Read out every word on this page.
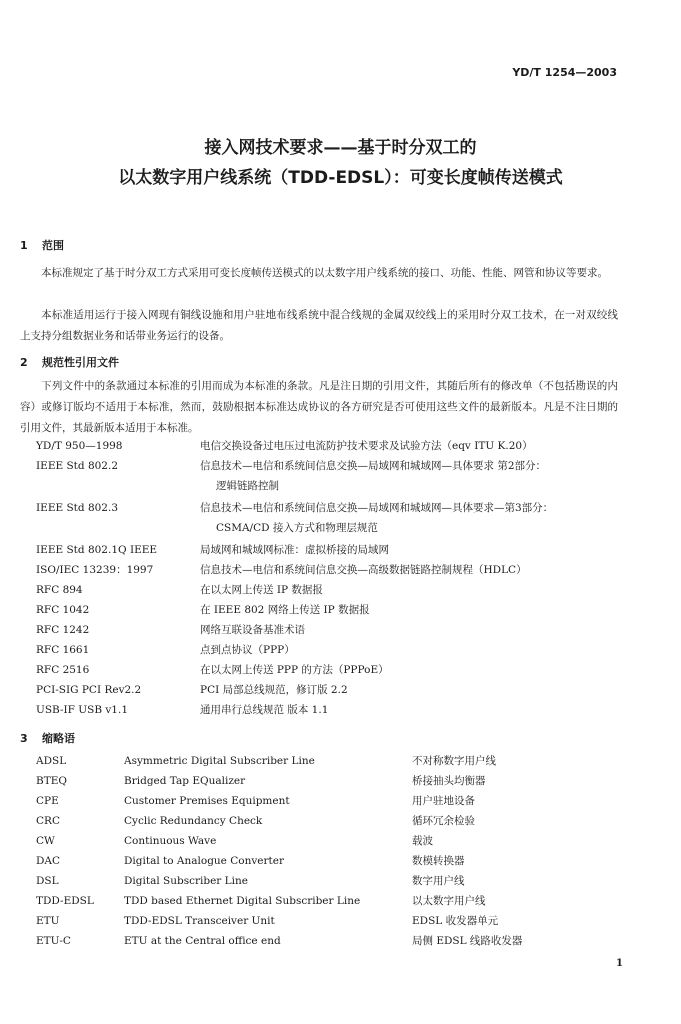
YD/T 1254—2003
接入网技术要求——基于时分双工的
以太数字用户线系统（TDD-EDSL）：可变长度帧传送模式
1 范围
本标准规定了基于时分双工方式采用可变长度帧传送模式的以太数字用户线系统的接口、功能、性能、网管和协议等要求。
本标准适用运行于接入网现有铜线设施和用户驻地布线系统中混合线规的金属双绞线上的采用时分双工技术，在一对双绞线上支持分组数据业务和话带业务运行的设备。
2 规范性引用文件
下列文件中的条款通过本标准的引用而成为本标准的条款。凡是注日期的引用文件，其随后所有的修改单（不包括勘误的内容）或修订版均不适用于本标准，然而，鼓励根据本标准达成协议的各方研究是否可使用这些文件的最新版本。凡是不注日期的引用文件，其最新版本适用于本标准。
YD/T 950—1998	电信交换设备过电压过电流防护技术要求及试验方法（eqv ITU K.20）
IEEE Std 802.2	信息技术—电信和系统间信息交换—局域网和城域网—具体要求 第2部分：
逻辑链路控制
IEEE Std 802.3	信息技术—电信和系统间信息交换—局域网和城域网—具体要求—第3部分：
CSMA/CD 接入方式和物理层规范
IEEE Std 802.1Q IEEE	局域网和城域网标准：虚拟桥接的局域网
ISO/IEC 13239：1997	信息技术—电信和系统间信息交换—高级数据链路控制规程（HDLC）
RFC 894	在以太网上传送 IP 数据报
RFC 1042	在 IEEE 802 网络上传送 IP 数据报
RFC 1242	网络互联设备基准术语
RFC 1661	点到点协议（PPP）
RFC 2516	在以太网上传送 PPP 的方法（PPPoE）
PCI-SIG PCI Rev2.2	PCI 局部总线规范，修订版 2.2
USB-IF USB v1.1	通用串行总线规范 版本 1.1
3 缩略语
ADSL	Asymmetric Digital Subscriber Line	不对称数字用户线
BTEQ	Bridged Tap EQualizer	桥接抽头均衡器
CPE	Customer Premises Equipment	用户驻地设备
CRC	Cyclic Redundancy Check	循环冗余检验
CW	Continuous Wave	载波
DAC	Digital to Analogue Converter	数模转换器
DSL	Digital Subscriber Line	数字用户线
TDD-EDSL	TDD based Ethernet Digital Subscriber Line	以太数字用户线
ETU	TDD-EDSL Transceiver Unit	EDSL 收发器单元
ETU-C	ETU at the Central office end	局侧 EDSL 线路收发器
1
